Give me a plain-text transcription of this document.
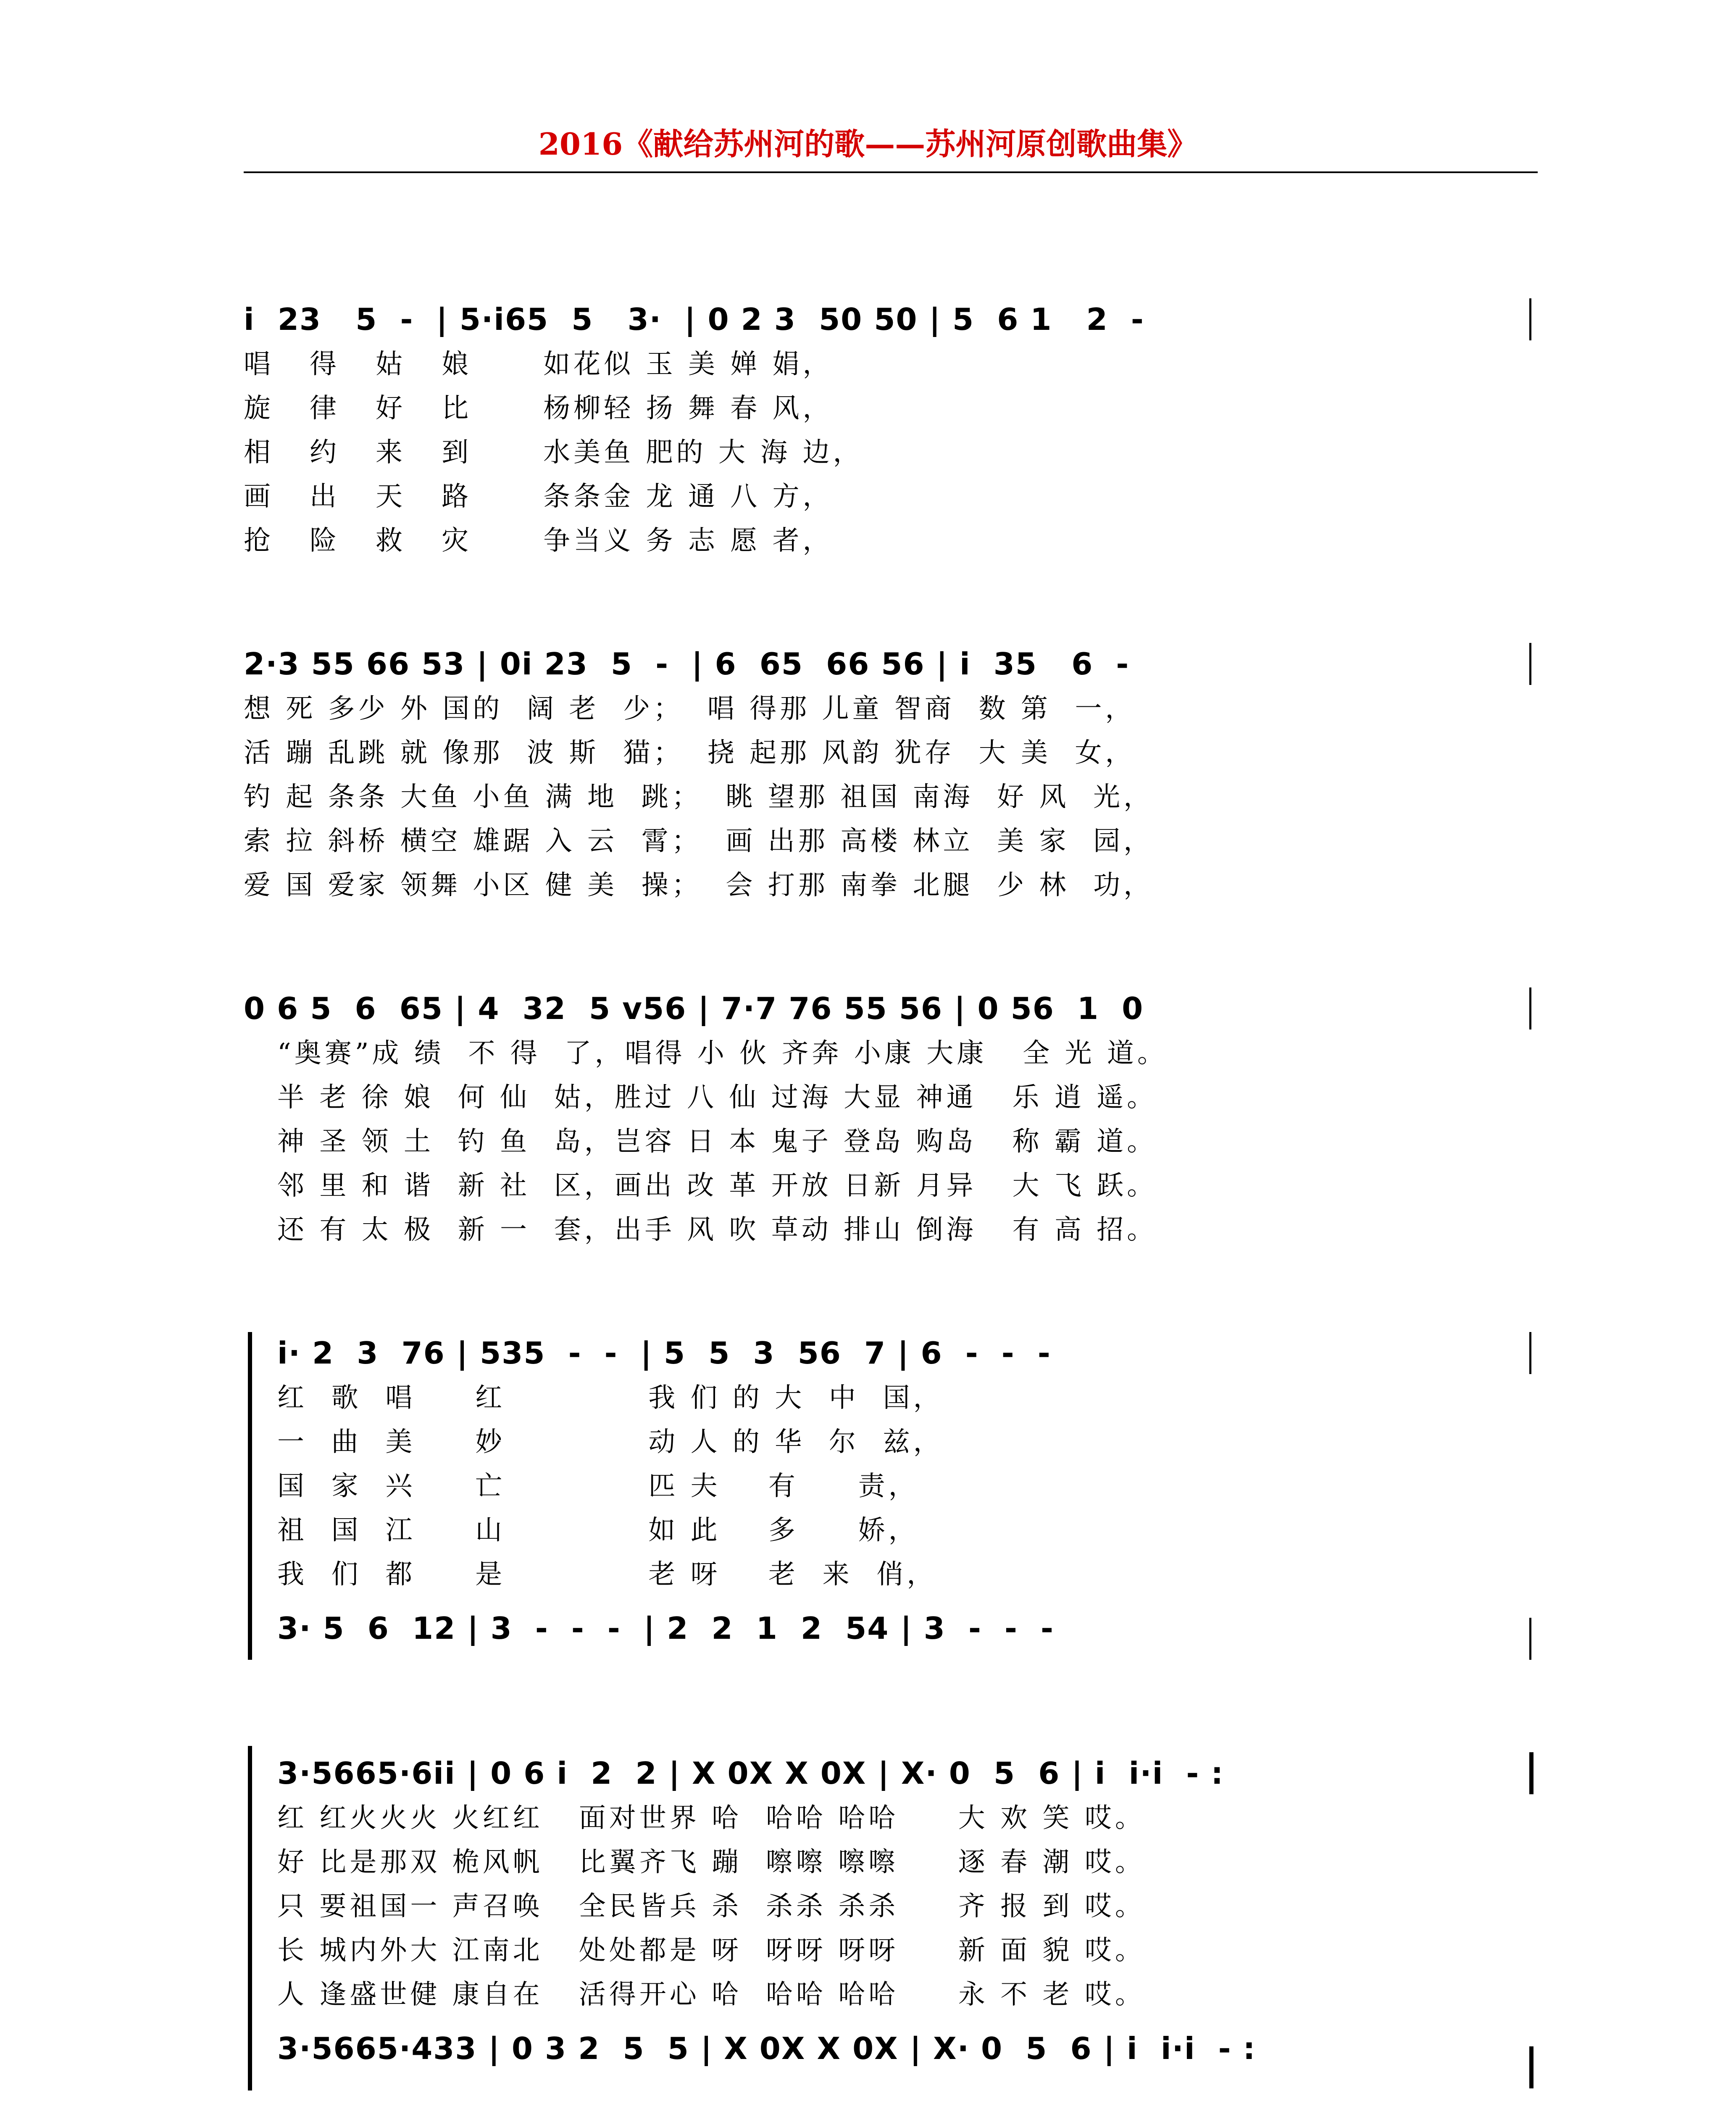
2016《献给苏州河的歌——苏州河原创歌曲集》
i  23   5  -  | 5·i65  5   3·  | 0 2 3  50 50 | 5  6 1   2  -
唱   得   姑   娘      如花似 玉 美 婵 娟，
旋   律   好   比      杨柳轻 扬 舞 春 风，
相   约   来   到      水美鱼 肥的 大 海 边，
画   出   天   路      条条金 龙 通 八 方，
抢   险   救   灾      争当义 务 志 愿 者，
2·3 55 66 53 | 0i 23  5  -  | 6  65  66 56 | i  35   6  -
想 死 多少 外 国的  阔 老  少；  唱 得那 儿童 智商  数 第  一，
活 蹦 乱跳 就 像那  波 斯  猫；  挠 起那 风韵 犹存  大 美  女，
钓 起 条条 大鱼 小鱼 满 地  跳；  眺 望那 祖国 南海  好 风  光，
索 拉 斜桥 横空 雄踞 入 云  霄；  画 出那 高楼 林立  美 家  园，
爱 国 爱家 领舞 小区 健 美  操；  会 打那 南拳 北腿  少 林  功，
0 6 5  6  65 | 4  32  5 v56 | 7·7 76 55 56 | 0 56  1  0
“奥赛”成 绩  不 得  了，唱得 小 伙 齐奔 小康 大康   全 光 道。
半 老 徐 娘  何 仙  姑，胜过 八 仙 过海 大显 神通   乐 逍 遥。
神 圣 领 土  钓 鱼  岛，岂容 日 本 鬼子 登岛 购岛   称 霸 道。
邻 里 和 谐  新 社  区，画出 改 革 开放 日新 月异   大 飞 跃。
还 有 太 极  新 一  套，出手 风 吹 草动 排山 倒海   有 高 招。
i· 2  3  76 | 535  -  -  | 5  5  3  56  7 | 6  -  -  -
红  歌  唱     红            我 们 的 大  中  国，
一  曲  美     妙            动 人 的 华  尔  兹，
国  家  兴     亡            匹 夫    有     责，
祖  国  江     山            如 此    多     娇，
我  们  都     是            老 呀    老  来  俏，
3· 5  6  12 | 3  -  -  -  | 2  2  1  2  54 | 3  -  -  -
3·5665·6ii | 0 6 i  2  2 | X 0X X 0X | X· 0  5  6 | i  i·i  - :
红 红火火火 火红红   面对世界 哈  哈哈 哈哈     大 欢 笑 哎。
好 比是那双 桅风帆   比翼齐飞 蹦  嚓嚓 嚓嚓     逐 春 潮 哎。
只 要祖国一 声召唤   全民皆兵 杀  杀杀 杀杀     齐 报 到 哎。
长 城内外大 江南北   处处都是 呀  呀呀 呀呀     新 面 貌 哎。
人 逢盛世健 康自在   活得开心 哈  哈哈 哈哈     永 不 老 哎。
3·5665·433 | 0 3 2  5  5 | X 0X X 0X | X· 0  5  6 | i  i·i  - :
